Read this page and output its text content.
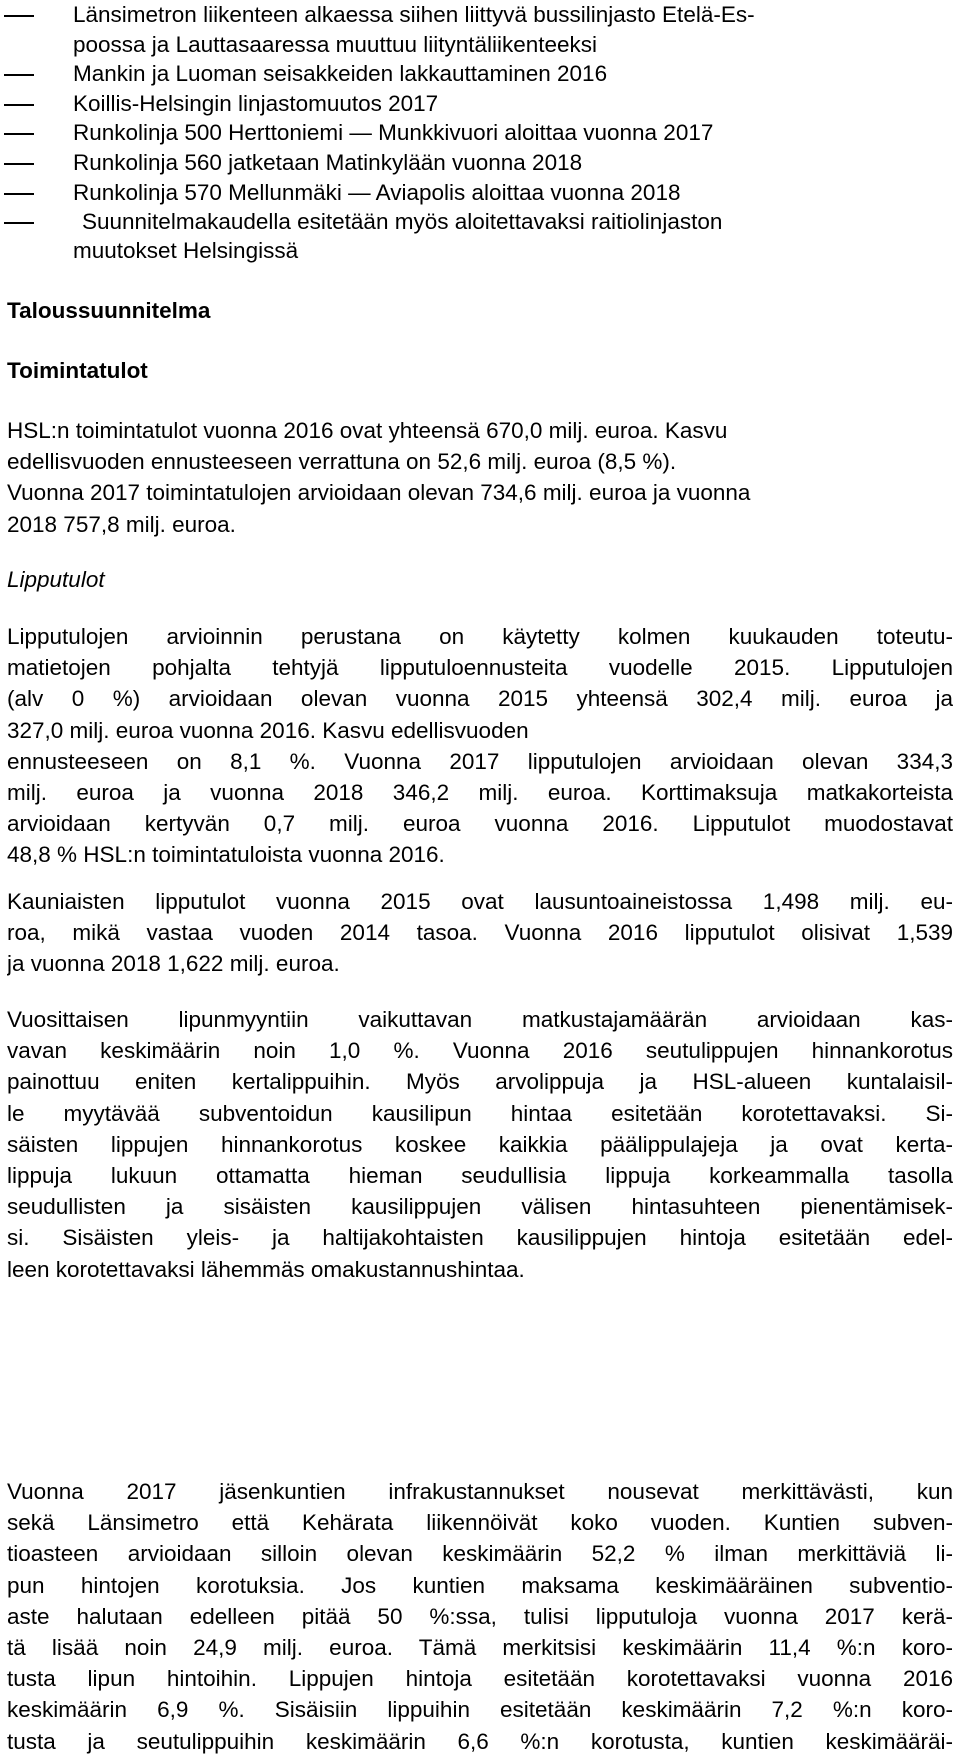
Länsimetron liikenteen alkaessa siihen liittyvä bussilinjasto Etelä-Es-
poossa ja Lauttasaaressa muuttuu liityntäliikenteeksi
Mankin ja Luoman seisakkeiden lakkauttaminen 2016
Koillis-Helsingin linjastomuutos 2017
Runkolinja 500 Herttoniemi — Munkkivuori aloittaa vuonna 2017
Runkolinja 560 jatketaan Matinkylään vuonna 2018
Runkolinja 570 Mellunmäki — Aviapolis aloittaa vuonna 2018
Suunnitelmakaudella esitetään myös aloitettavaksi raitiolinjaston
muutokset Helsingissä
Taloussuunnitelma
Toimintatulot
HSL:n toimintatulot vuonna 2016 ovat yhteensä 670,0 milj. euroa. Kasvu
edellisvuoden ennusteeseen verrattuna on 52,6 milj. euroa (8,5 %).
Vuonna 2017 toimintatulojen arvioidaan olevan 734,6 milj. euroa ja vuonna
2018 757,8 milj. euroa.
Lipputulot
Lipputulojen arvioinnin perustana on käytetty kolmen kuukauden toteutu-
matietojen pohjalta tehtyjä lipputuloennusteita vuodelle 2015. Lipputulojen
(alv 0 %) arvioidaan olevan vuonna 2015 yhteensä 302,4 milj. euroa ja
327,0 milj. euroa vuonna 2016. Kasvu edellisvuoden
ennusteeseen on 8,1 %. Vuonna 2017 lipputulojen arvioidaan olevan 334,3
milj. euroa ja vuonna 2018 346,2 milj. euroa. Korttimaksuja matkakorteista
arvioidaan kertyvän 0,7 milj. euroa vuonna 2016. Lipputulot muodostavat
48,8 % HSL:n toimintatuloista vuonna 2016.
Kauniaisten lipputulot vuonna 2015 ovat lausuntoaineistossa 1,498 milj. eu-
roa, mikä vastaa vuoden 2014 tasoa. Vuonna 2016 lipputulot olisivat 1,539
ja vuonna 2018 1,622 milj. euroa.
Vuosittaisen lipunmyyntiin vaikuttavan matkustajamäärän arvioidaan kas-
vavan keskimäärin noin 1,0 %. Vuonna 2016 seutulippujen hinnankorotus
painottuu eniten kertalippuihin. Myös arvolippuja ja HSL-alueen kuntalaisil-
le myytävää subventoidun kausilipun hintaa esitetään korotettavaksi. Si-
säisten lippujen hinnankorotus koskee kaikkia päälippulajeja ja ovat kerta-
lippuja lukuun ottamatta hieman seudullisia lippuja korkeammalla tasolla
seudullisten ja sisäisten kausilippujen välisen hintasuhteen pienentämisek-
si. Sisäisten yleis- ja haltijakohtaisten kausilippujen hintoja esitetään edel-
leen korotettavaksi lähemmäs omakustannushintaa.
Vuonna 2017 jäsenkuntien infrakustannukset nousevat merkittävästi, kun
sekä Länsimetro että Kehärata liikennöivät koko vuoden. Kuntien subven-
tioasteen arvioidaan silloin olevan keskimäärin 52,2 % ilman merkittäviä li-
pun hintojen korotuksia. Jos kuntien maksama keskimääräinen subventio-
aste halutaan edelleen pitää 50 %:ssa, tulisi lipputuloja vuonna 2017 kerä-
tä lisää noin 24,9 milj. euroa. Tämä merkitsisi keskimäärin 11,4 %:n koro-
tusta lipun hintoihin. Lippujen hintoja esitetään korotettavaksi vuonna 2016
keskimäärin 6,9 %. Sisäisiin lippuihin esitetään keskimäärin 7,2 %:n koro-
tusta ja seutulippuihin keskimäärin 6,6 %:n korotusta, kuntien keskimääräi-
